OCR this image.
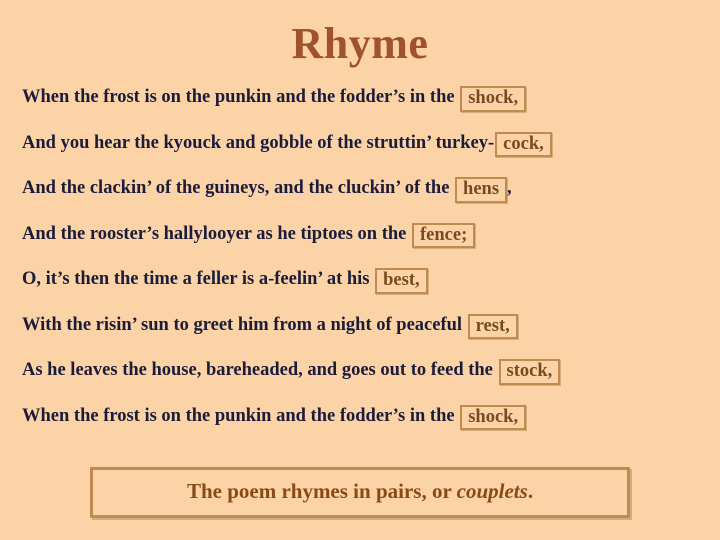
Rhyme
When the frost is on the punkin and the fodder’s in the shock,
And you hear the kyouck and gobble of the struttin’ turkey- cock,
And the clackin’ of the guineys, and the cluckin’ of the hens ,
And the rooster’s hallylooyer as he tiptoes on the fence;
O, it’s then the time a feller is a-feelin’ at his best,
With the risin’ sun to greet him from a night of peaceful rest,
As he leaves the house, bareheaded, and goes out to feed the stock,
When the frost is on the punkin and the fodder’s in the shock,
The poem rhymes in pairs, or couplets.
